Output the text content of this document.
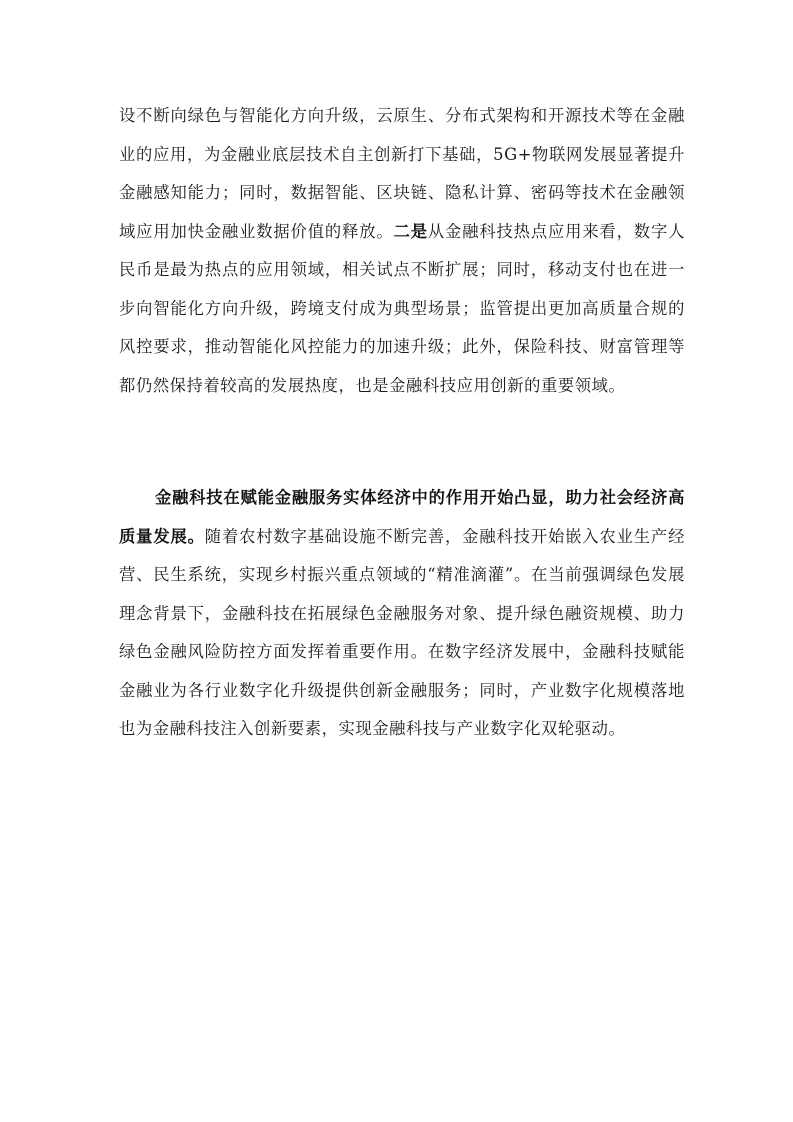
设不断向绿色与智能化方向升级，云原生、分布式架构和开源技术等在金融业的应用，为金融业底层技术自主创新打下基础，5G+物联网发展显著提升金融感知能力；同时，数据智能、区块链、隐私计算、密码等技术在金融领域应用加快金融业数据价值的释放。二是从金融科技热点应用来看，数字人民币是最为热点的应用领域，相关试点不断扩展；同时，移动支付也在进一步向智能化方向升级，跨境支付成为典型场景；监管提出更加高质量合规的风控要求，推动智能化风控能力的加速升级；此外，保险科技、财富管理等都仍然保持着较高的发展热度，也是金融科技应用创新的重要领域。

金融科技在赋能金融服务实体经济中的作用开始凸显，助力社会经济高质量发展。随着农村数字基础设施不断完善，金融科技开始嵌入农业生产经营、民生系统，实现乡村振兴重点领域的“精准滴灌”。在当前强调绿色发展理念背景下，金融科技在拓展绿色金融服务对象、提升绿色融资规模、助力绿色金融风险防控方面发挥着重要作用。在数字经济发展中，金融科技赋能金融业为各行业数字化升级提供创新金融服务；同时，产业数字化规模落地也为金融科技注入创新要素，实现金融科技与产业数字化双轮驱动。
